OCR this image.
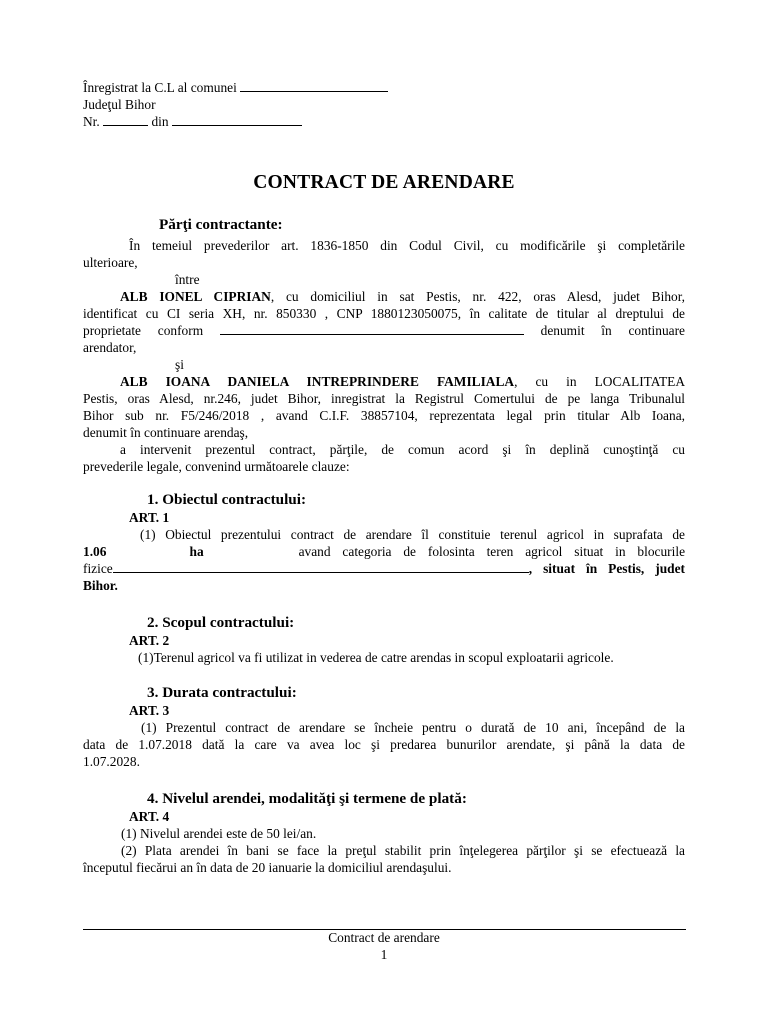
Înregistrat la C.L al comunei
Judeţul Bihor
Nr.	din
CONTRACT DE ARENDARE
Părţi contractante:
În temeiul prevederilor art. 1836-1850 din Codul Civil, cu modificările şi completările
ulterioare,
între
ALB IONEL CIPRIAN, cu domiciliul in sat Pestis, nr. 422, oras Alesd, judet Bihor,
identificat cu CI seria XH, nr. 850330 , CNP 1880123050075, în calitate de titular al dreptului de
proprietate conform	denumit în continuare
arendator,
şi
ALB IOANA DANIELA INTREPRINDERE FAMILIALA, cu in LOCALITATEA
Pestis, oras Alesd, nr.246, judet Bihor, inregistrat la Registrul Comertului de pe langa Tribunalul
Bihor sub nr. F5/246/2018 , avand C.I.F. 38857104, reprezentata legal prin titular Alb Ioana,
denumit în continuare arendaş,
a intervenit prezentul contract, părţile, de comun acord şi în deplină cunoştinţă cu
prevederile legale, convenind următoarele clauze:
1. Obiectul contractului:
ART. 1
(1) Obiectul prezentului contract de arendare îl constituie terenul agricol in suprafata de
1.06	ha	avand categoria de folosinta teren agricol situat in blocurile
fizice	, situat în Pestis, judet
Bihor.
2. Scopul contractului:
ART. 2
(1)Terenul agricol va fi utilizat in vederea de catre arendas in scopul exploatarii agricole.
3. Durata contractului:
ART. 3
(1) Prezentul contract de arendare se încheie pentru o durată de 10 ani, începând de la
data de 1.07.2018 dată la care va avea loc şi predarea bunurilor arendate, şi până la data de
1.07.2028.
4. Nivelul arendei, modalităţi şi termene de plată:
ART. 4
(1) Nivelul arendei este de 50 lei/an.
(2) Plata arendei în bani se face la preţul stabilit prin înţelegerea părţilor şi se efectuează la
începutul fiecărui an în data de 20 ianuarie la domiciliul arendaşului.
Contract de arendare
1
